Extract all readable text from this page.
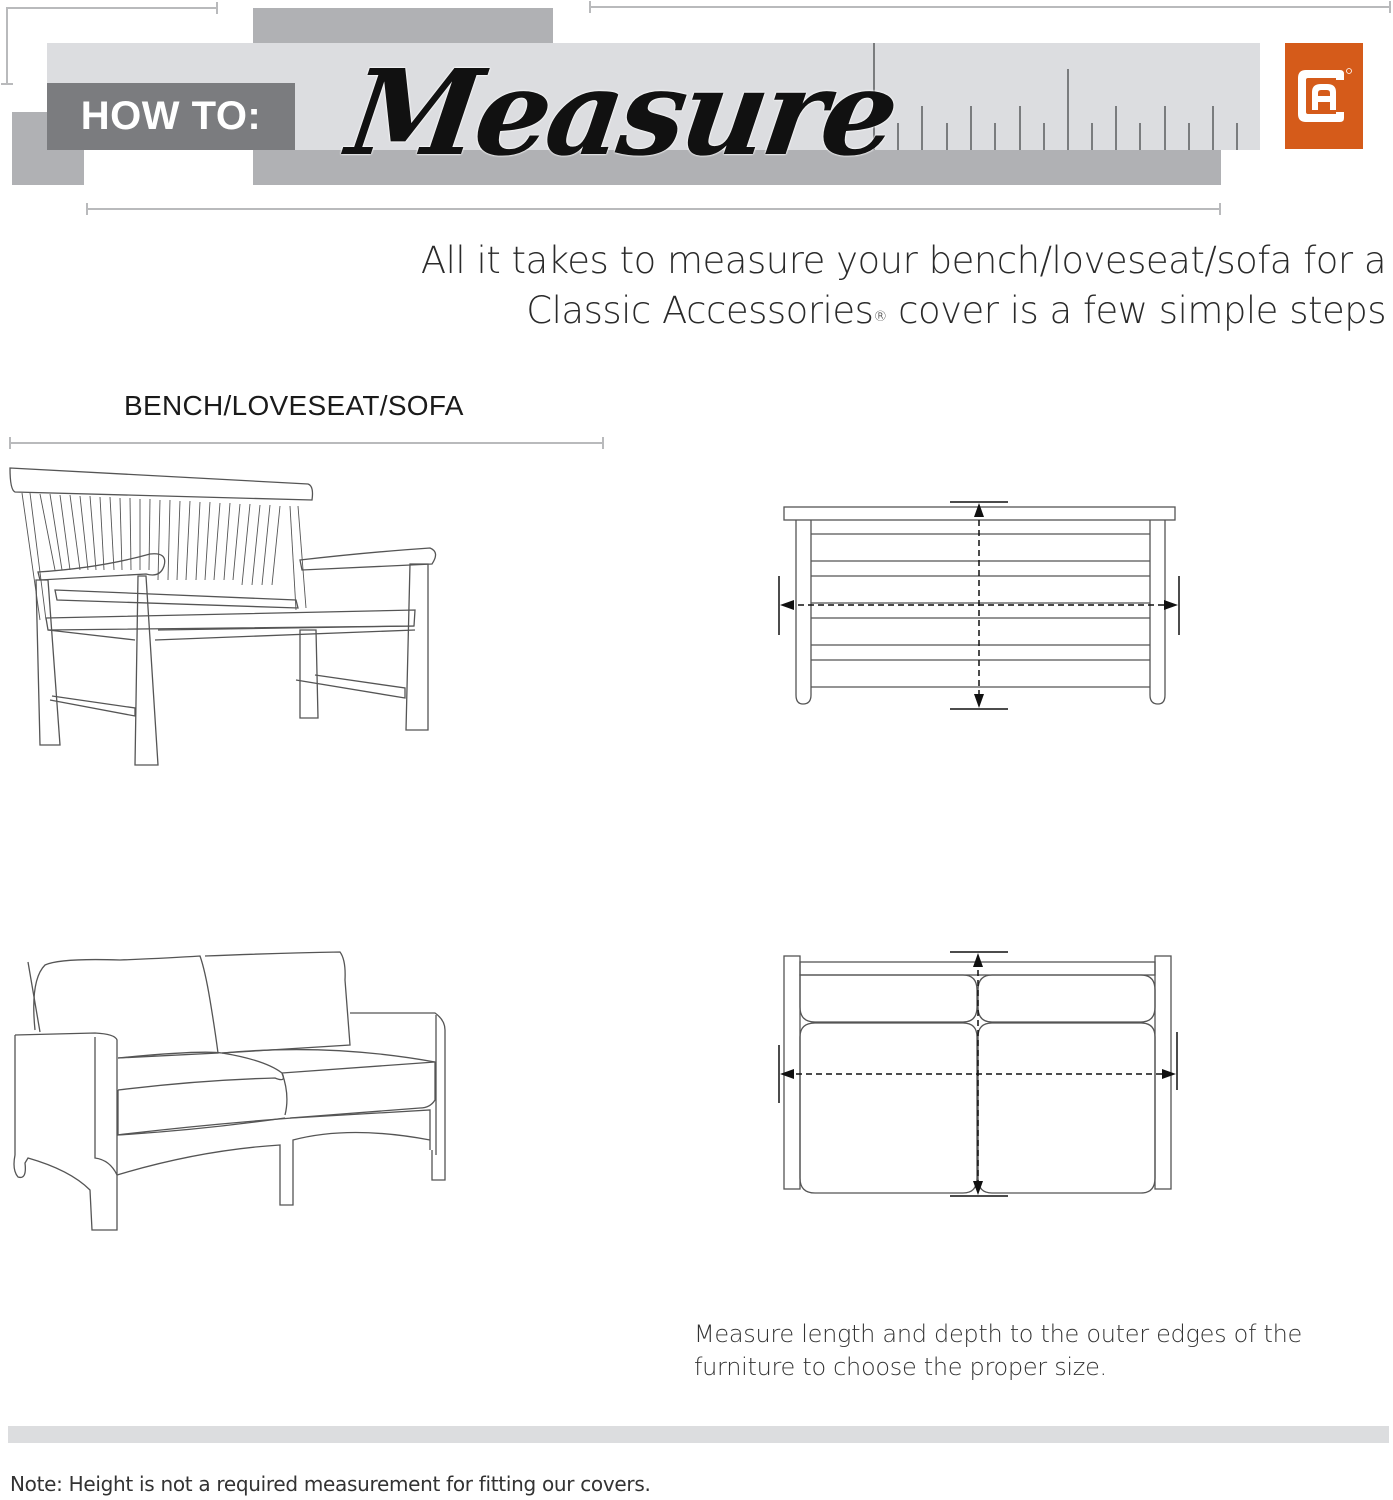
HOW TO: Measure
All it takes to measure your bench/loveseat/sofa for a
Classic Accessories® cover is a few simple steps
BENCH/LOVESEAT/SOFA
Measure length and depth to the outer edges of the furniture to choose the proper size.
Note: Height is not a required measurement for fitting our covers.
